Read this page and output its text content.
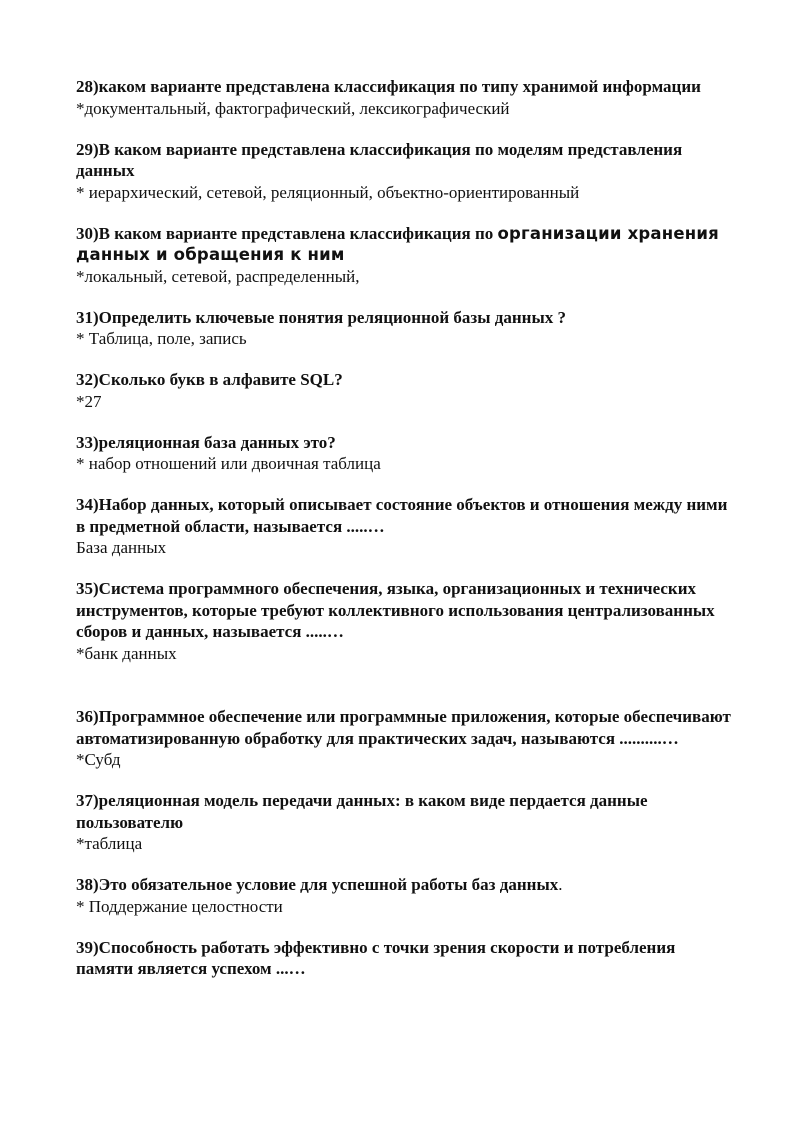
28)каком варианте представлена классификация по типу хранимой информации

*документальный, фактографический, лексикографический

29)В каком варианте представлена классификация по моделям представления данных

* иерархический, сетевой, реляционный, объектно-ориентированный

30)В каком варианте представлена классификация по организации хранения данных и обращения к ним

*локальный, сетевой, распределенный,

31)Определить ключевые понятия реляционной базы данных ?

* Таблица, поле, запись

32)Сколько букв в алфавите SQL?

*27

33)реляционная база данных это?

* набор отношений или двоичная таблица

34)Набор данных, который описывает состояние объектов и отношения между ними в предметной области, называется .....…

База данных

35)Система программного обеспечения, языка, организационных и технических инструментов, которые требуют коллективного использования централизованных сборов и данных, называется .....…

*банк данных

36)Программное обеспечение или программные приложения, которые обеспечивают автоматизированную обработку для практических задач, называются ..........…

*Субд

37)реляционная модель передачи данных: в каком виде пердается данные пользователю

*таблица

38)Это обязательное условие для успешной работы баз данных.

* Поддержание целостности

39)Способность работать эффективно с точки зрения скорости и потребления памяти является успехом ...…
